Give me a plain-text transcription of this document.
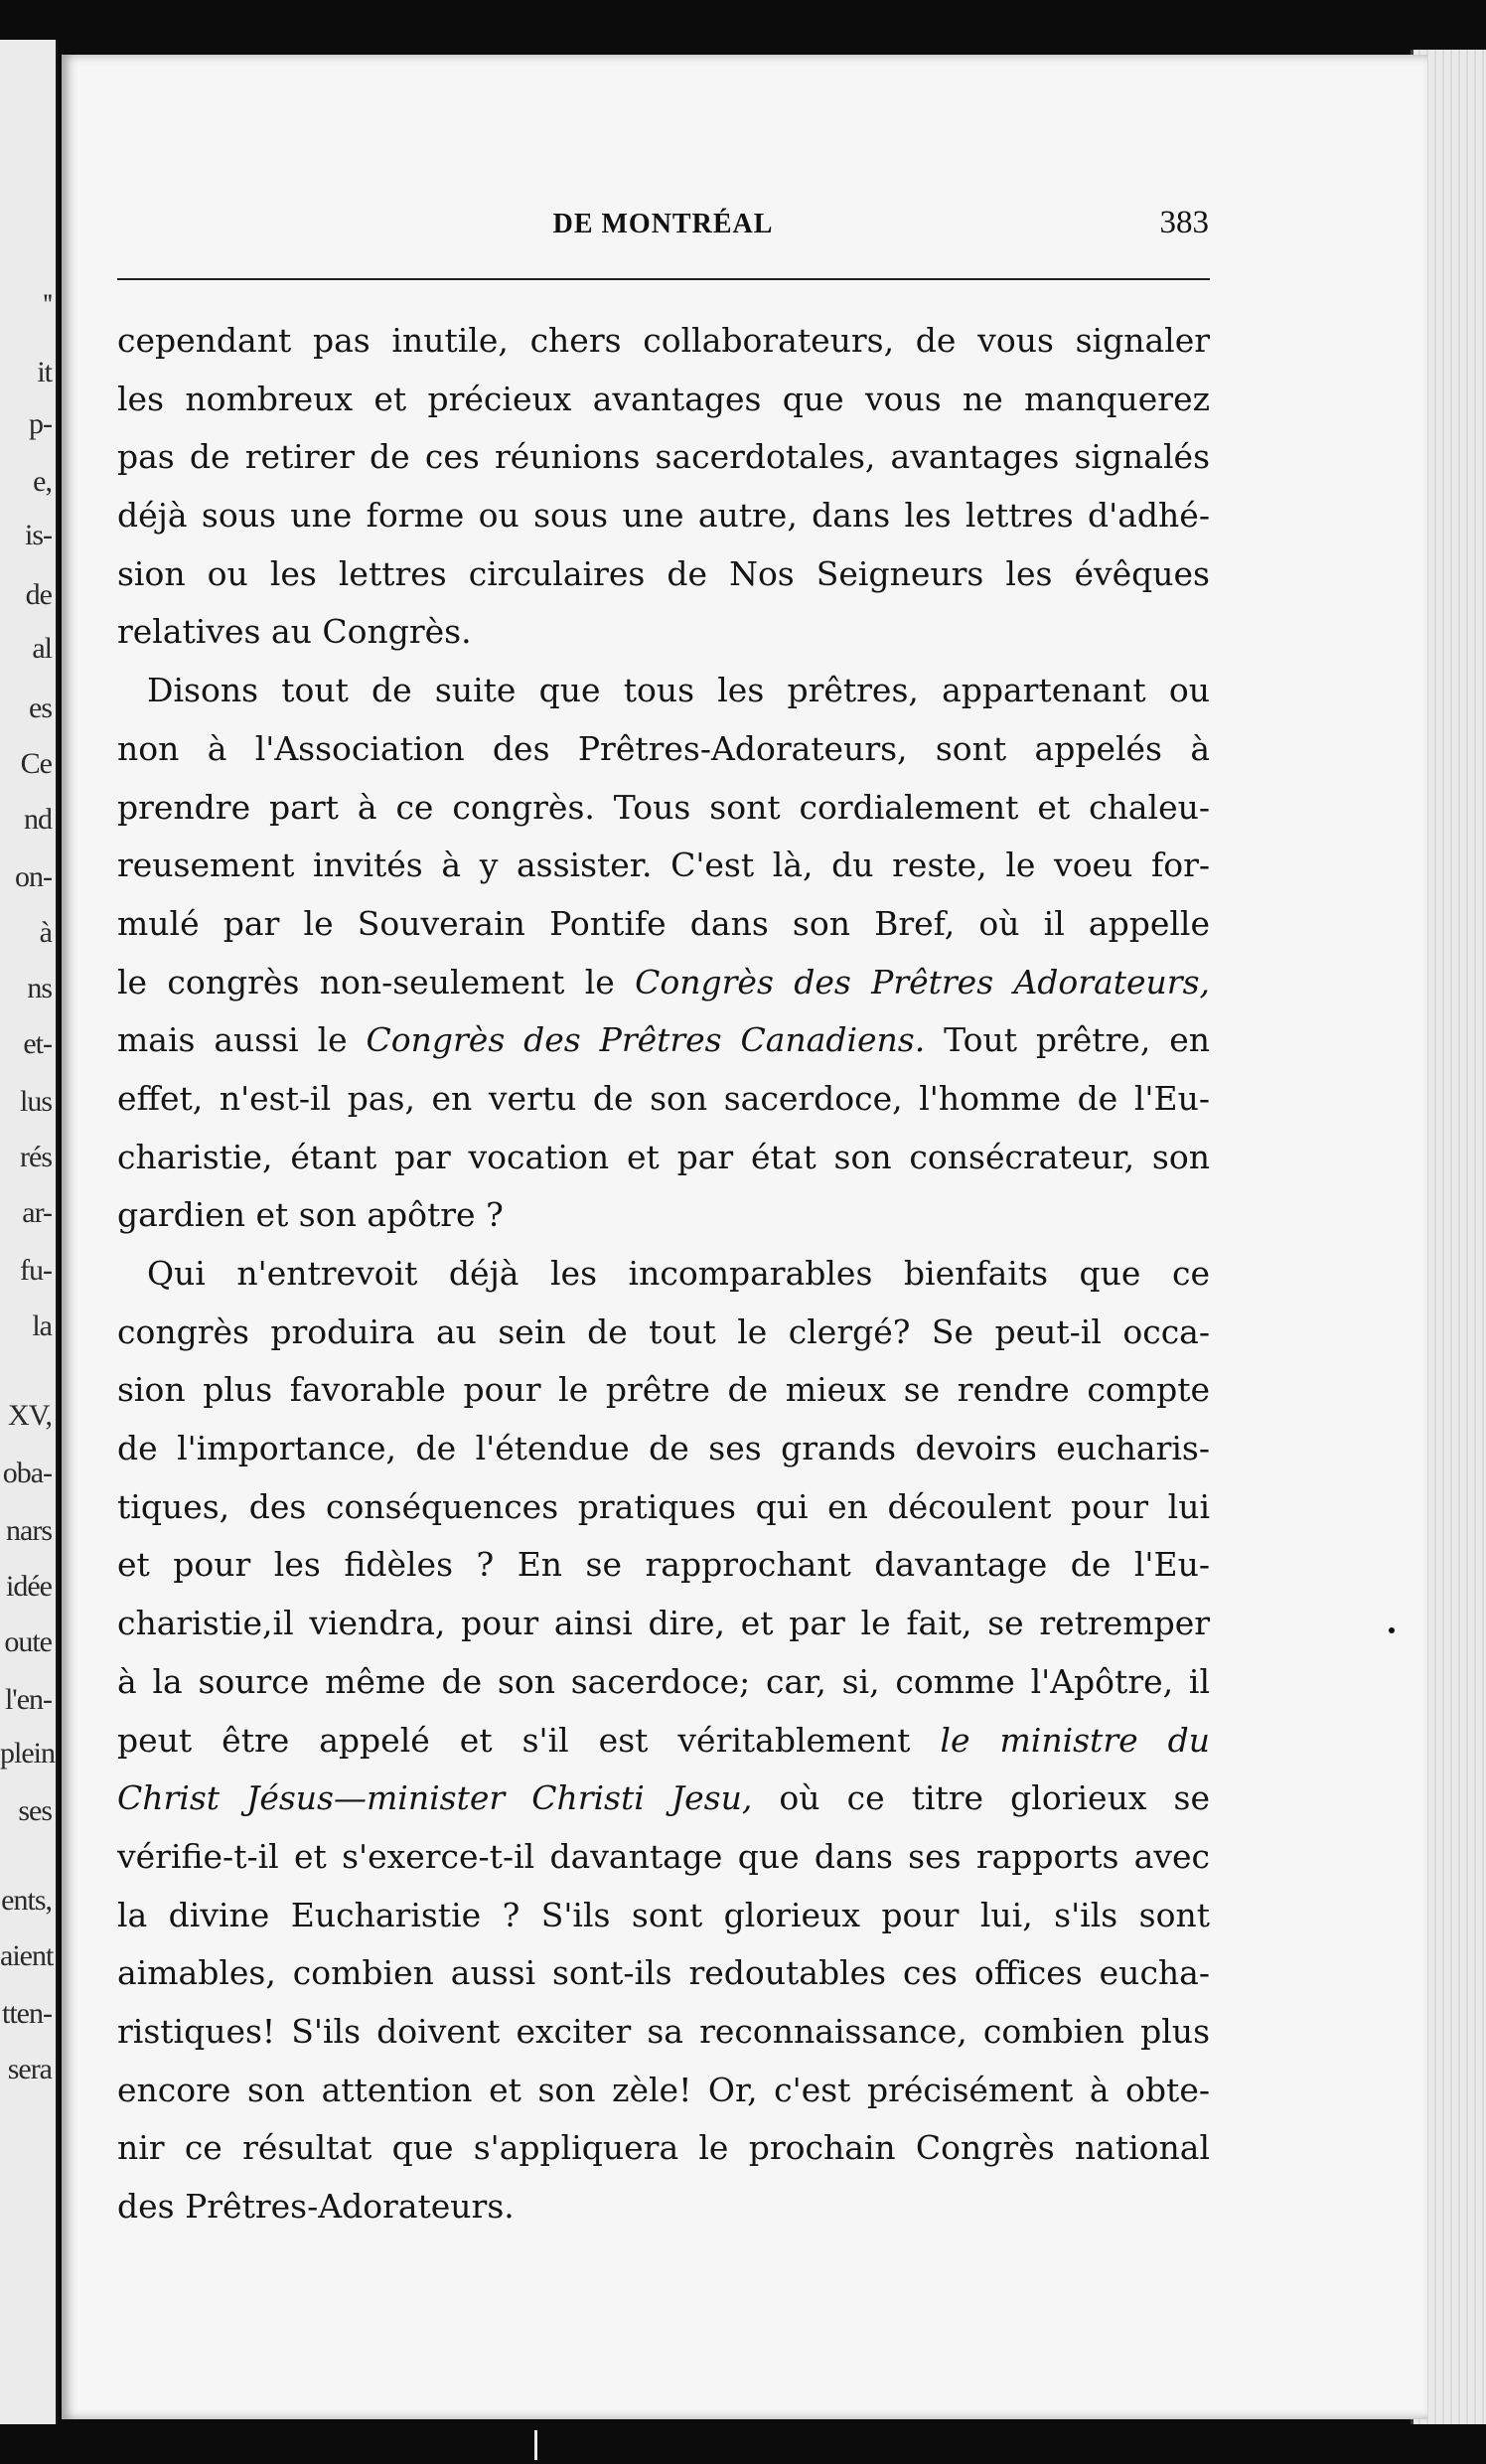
''
it
p-
e,
is-
de
al
es
Ce
nd
on-
à
ns
et-
lus
rés
ar-
fu-
la
XV,
oba-
nars
idée
oute
l'en-
plein
ses
ents,
aient
tten-
sera
DE MONTRÉAL	383

cependant pas inutile, chers collaborateurs, de vous signaler
les nombreux et précieux avantages que vous ne manquerez
pas de retirer de ces réunions sacerdotales, avantages signalés
déjà sous une forme ou sous une autre, dans les lettres d'adhé-
sion ou les lettres circulaires de Nos Seigneurs les évêques
relatives au Congrès.

Disons tout de suite que tous les prêtres, appartenant ou
non à l'Association des Prêtres-Adorateurs, sont appelés à
prendre part à ce congrès. Tous sont cordialement et chaleu-
reusement invités à y assister. C'est là, du reste, le voeu for-
mulé par le Souverain Pontife dans son Bref, où il appelle
le congrès non-seulement le Congrès des Prêtres Adorateurs,
mais aussi le Congrès des Prêtres Canadiens. Tout prêtre, en
effet, n'est-il pas, en vertu de son sacerdoce, l'homme de l'Eu-
charistie, étant par vocation et par état son consécrateur, son
gardien et son apôtre ?

Qui n'entrevoit déjà les incomparables bienfaits que ce
congrès produira au sein de tout le clergé? Se peut-il occa-
sion plus favorable pour le prêtre de mieux se rendre compte
de l'importance, de l'étendue de ses grands devoirs eucharis-
tiques, des conséquences pratiques qui en découlent pour lui
et pour les fidèles ? En se rapprochant davantage de l'Eu-
charistie,il viendra, pour ainsi dire, et par le fait, se retremper
à la source même de son sacerdoce; car, si, comme l'Apôtre, il
peut être appelé et s'il est véritablement le ministre du
Christ Jésus—minister Christi Jesu, où ce titre glorieux se
vérifie-t-il et s'exerce-t-il davantage que dans ses rapports avec
la divine Eucharistie ? S'ils sont glorieux pour lui, s'ils sont
aimables, combien aussi sont-ils redoutables ces offices eucha-
ristiques! S'ils doivent exciter sa reconnaissance, combien plus
encore son attention et son zèle! Or, c'est précisément à obte-
nir ce résultat que s'appliquera le prochain Congrès national
des Prêtres-Adorateurs.
